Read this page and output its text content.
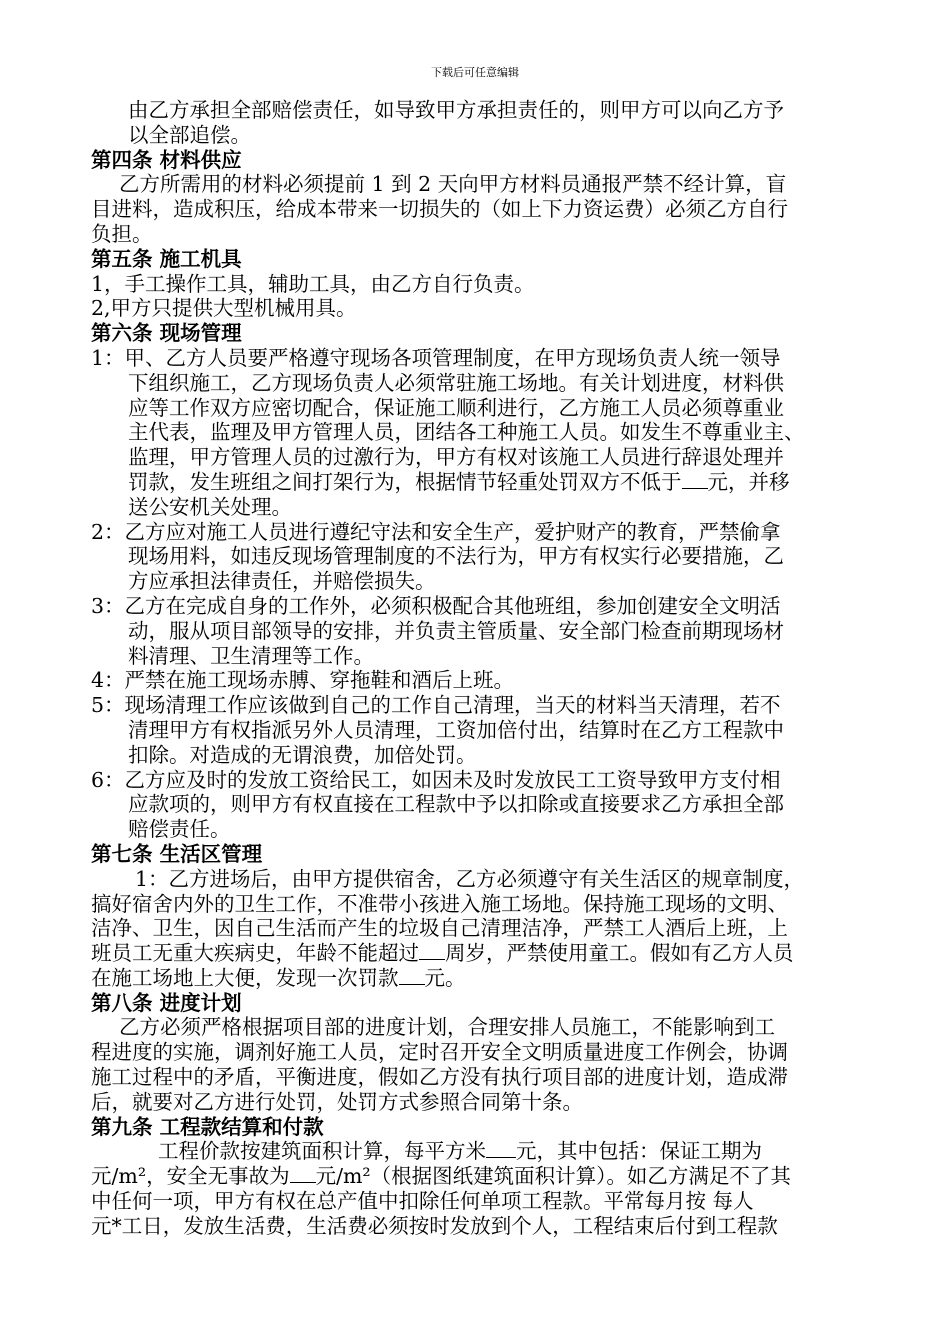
下载后可任意编辑
由乙方承担全部赔偿责任，如导致甲方承担责任的，则甲方可以向乙方予
以全部追偿。
第四条 材料供应
乙方所需用的材料必须提前 1 到 2 天向甲方材料员通报严禁不经计算，盲
目进料，造成积压，给成本带来一切损失的（如上下力资运费）必须乙方自行
负担。
第五条 施工机具
1，手工操作工具，辅助工具，由乙方自行负责。
2,甲方只提供大型机械用具。
第六条 现场管理
1：甲、乙方人员要严格遵守现场各项管理制度，在甲方现场负责人统一领导
下组织施工，乙方现场负责人必须常驻施工场地。有关计划进度，材料供
应等工作双方应密切配合，保证施工顺利进行，乙方施工人员必须尊重业
主代表，监理及甲方管理人员，团结各工种施工人员。如发生不尊重业主、
监理，甲方管理人员的过激行为，甲方有权对该施工人员进行辞退处理并
罚款，发生班组之间打架行为，根据情节轻重处罚双方不低于 元，并移
送公安机关处理。
2：乙方应对施工人员进行遵纪守法和安全生产，爱护财产的教育，严禁偷拿
现场用料，如违反现场管理制度的不法行为，甲方有权实行必要措施，乙
方应承担法律责任，并赔偿损失。
3：乙方在完成自身的工作外，必须积极配合其他班组，参加创建安全文明活
动，服从项目部领导的安排，并负责主管质量、安全部门检查前期现场材
料清理、卫生清理等工作。
4：严禁在施工现场赤膊、穿拖鞋和酒后上班。
5：现场清理工作应该做到自己的工作自己清理，当天的材料当天清理，若不
清理甲方有权指派另外人员清理，工资加倍付出，结算时在乙方工程款中
扣除。对造成的无谓浪费，加倍处罚。
6：乙方应及时的发放工资给民工，如因未及时发放民工工资导致甲方支付相
应款项的，则甲方有权直接在工程款中予以扣除或直接要求乙方承担全部
赔偿责任。
第七条 生活区管理
1：乙方进场后，由甲方提供宿舍，乙方必须遵守有关生活区的规章制度，
搞好宿舍内外的卫生工作，不准带小孩进入施工场地。保持施工现场的文明、
洁净、卫生，因自己生活而产生的垃圾自己清理洁净，严禁工人酒后上班，上
班员工无重大疾病史，年龄不能超过 周岁，严禁使用童工。假如有乙方人员
在施工场地上大便，发现一次罚款 元。
第八条 进度计划
乙方必须严格根据项目部的进度计划，合理安排人员施工，不能影响到工
程进度的实施，调剂好施工人员，定时召开安全文明质量进度工作例会，协调
施工过程中的矛盾，平衡进度，假如乙方没有执行项目部的进度计划，造成滞
后，就要对乙方进行处罚，处罚方式参照合同第十条。
第九条 工程款结算和付款
工程价款按建筑面积计算，每平方米 元，其中包括：保证工期为
元/m²，安全无事故为 元/m²（根据图纸建筑面积计算）。如乙方满足不了其
中任何一项，甲方有权在总产值中扣除任何单项工程款。平常每月按 每人
元*工日，发放生活费，生活费必须按时发放到个人，工程结束后付到工程款
